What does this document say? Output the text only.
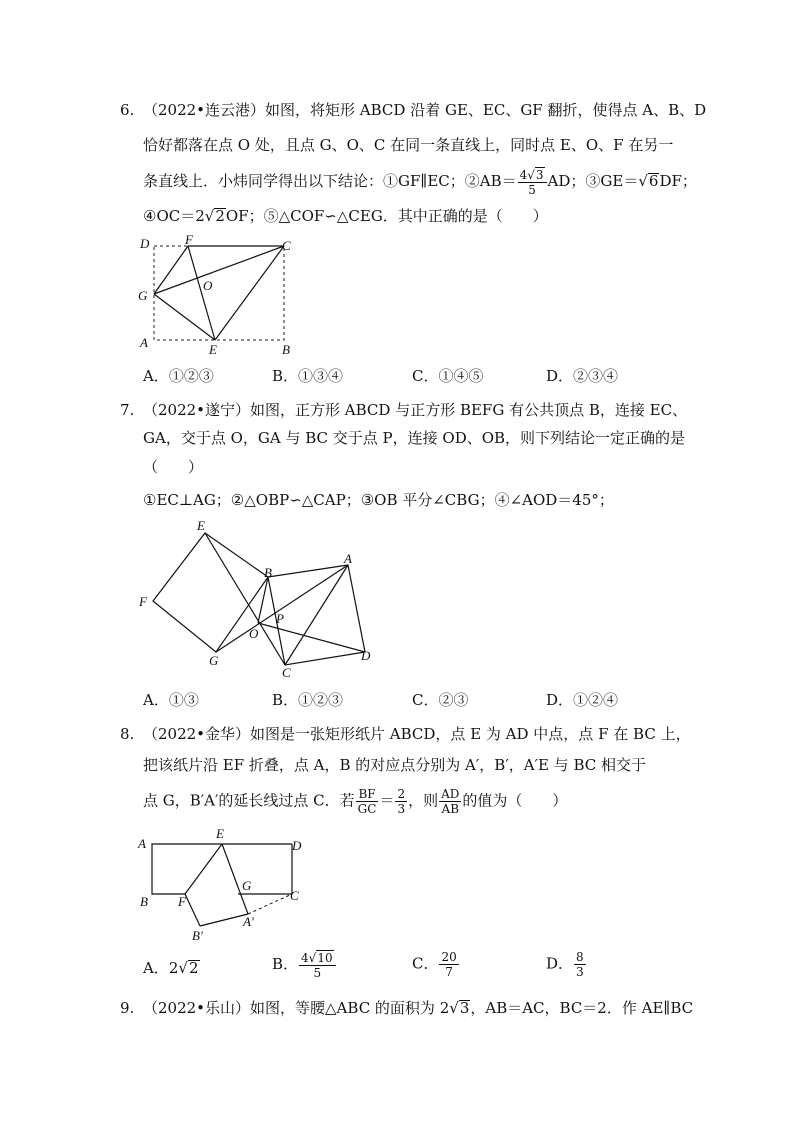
6. （2022•连云港）如图，将矩形 ABCD 沿着 GE、EC、GF 翻折，使得点 A、B、D
恰好都落在点 O 处，且点 G、O、C 在同一条直线上，同时点 E、O、F 在另一
条直线上．小炜同学得出以下结论：①GF∥EC；②AB＝ $\frac{4√3}{5}$ AD；③GE＝√6DF；
④OC＝2√2OF；⑤△COF∽△CEG．其中正确的是（　　）
D	F	C
O
G
A	E	B
A．①②③	B．①③④	C．①④⑤	D．②③④
7. （2022•遂宁）如图，正方形 ABCD 与正方形 BEFG 有公共顶点 B，连接 EC、
GA，交于点 O，GA 与 BC 交于点 P，连接 OD、OB，则下列结论一定正确的是
（　　）
①EC⊥AG；②△OBP∽△CAP；③OB 平分∠CBG；④∠AOD＝45°；
E
A
B
F
P
O
G
C
D
A．①③	B．①②③	C．②③	D．①②④
8. （2022•金华）如图是一张矩形纸片 ABCD，点 E 为 AD 中点，点 F 在 BC 上，
把该纸片沿 EF 折叠，点 A，B 的对应点分别为 A′，B′，A′E 与 BC 相交于
点 G，B′A′的延长线过点 C．若 $\frac{BF}{GC} = \frac{2}{3}$ ，则 $\frac{AD}{AB}$ 的值为（　　）
A
E
D
G
C
B F
A′
B′
A．2√2	B． $\frac{4√10}{5}$	C． $\frac{20}{7}$	D． $\frac{8}{3}$
9. （2022•乐山）如图，等腰△ABC 的面积为 2√3，AB＝AC，BC＝2．作 AE∥BC
